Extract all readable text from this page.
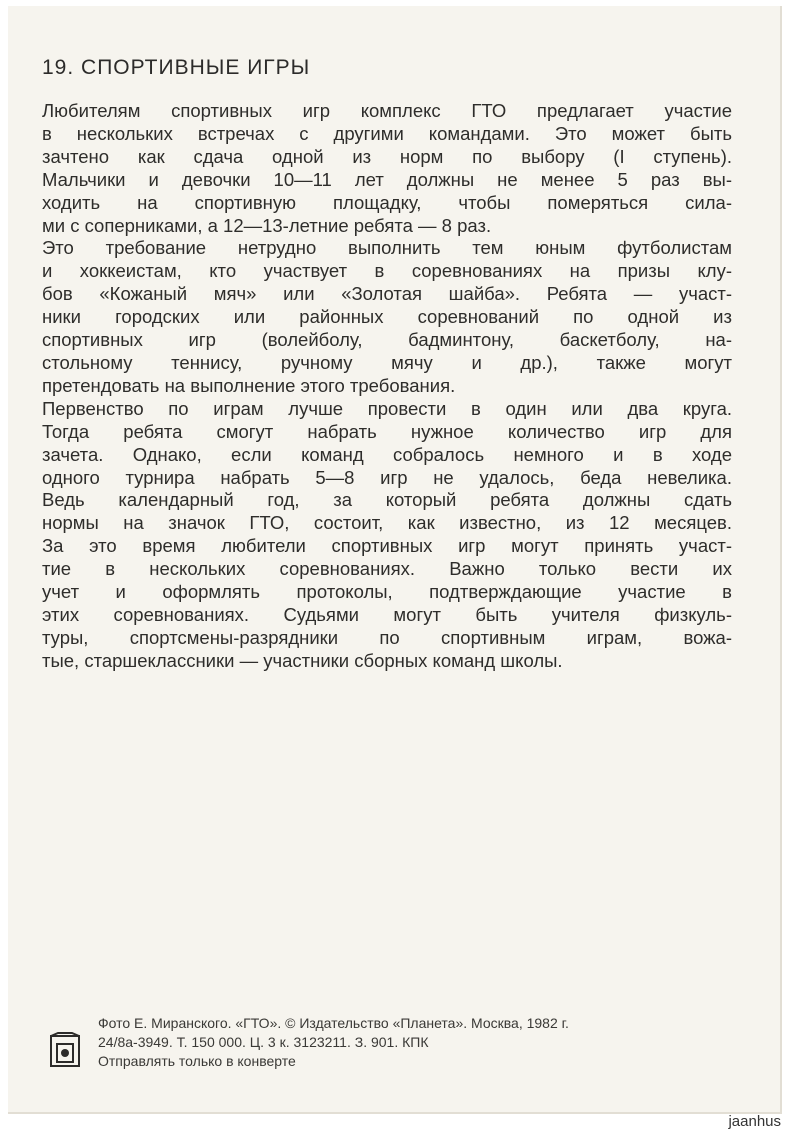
19. СПОРТИВНЫЕ ИГРЫ
Любителям спортивных игр комплекс ГТО предлагает участие
в нескольких встречах с другими командами. Это может быть
зачтено как сдача одной из норм по выбору (I ступень).
Мальчики и девочки 10—11 лет должны не менее 5 раз вы-
ходить на спортивную площадку, чтобы померяться сила-
ми с соперниками, а 12—13-летние ребята — 8 раз.
Это требование нетрудно выполнить тем юным футболистам
и хоккеистам, кто участвует в соревнованиях на призы клу-
бов «Кожаный мяч» или «Золотая шайба». Ребята — участ-
ники городских или районных соревнований по одной из
спортивных игр (волейболу, бадминтону, баскетболу, на-
стольному теннису, ручному мячу и др.), также могут
претендовать на выполнение этого требования.
Первенство по играм лучше провести в один или два круга.
Тогда ребята смогут набрать нужное количество игр для
зачета. Однако, если команд собралось немного и в ходе
одного турнира набрать 5—8 игр не удалось, беда невелика.
Ведь календарный год, за который ребята должны сдать
нормы на значок ГТО, состоит, как известно, из 12 месяцев.
За это время любители спортивных игр могут принять участ-
тие в нескольких соревнованиях. Важно только вести их
учет и оформлять протоколы, подтверждающие участие в
этих соревнованиях. Судьями могут быть учителя физкуль-
туры, спортсмены-разрядники по спортивным играм, вожа-
тые, старшеклассники — участники сборных команд школы.
Фото Е. Миранского. «ГТО». © Издательство «Планета». Москва, 1982 г.
24/8а-3949. Т. 150 000. Ц. 3 к. 3123211. З. 901. КПК
Отправлять только в конверте
jaanhus
